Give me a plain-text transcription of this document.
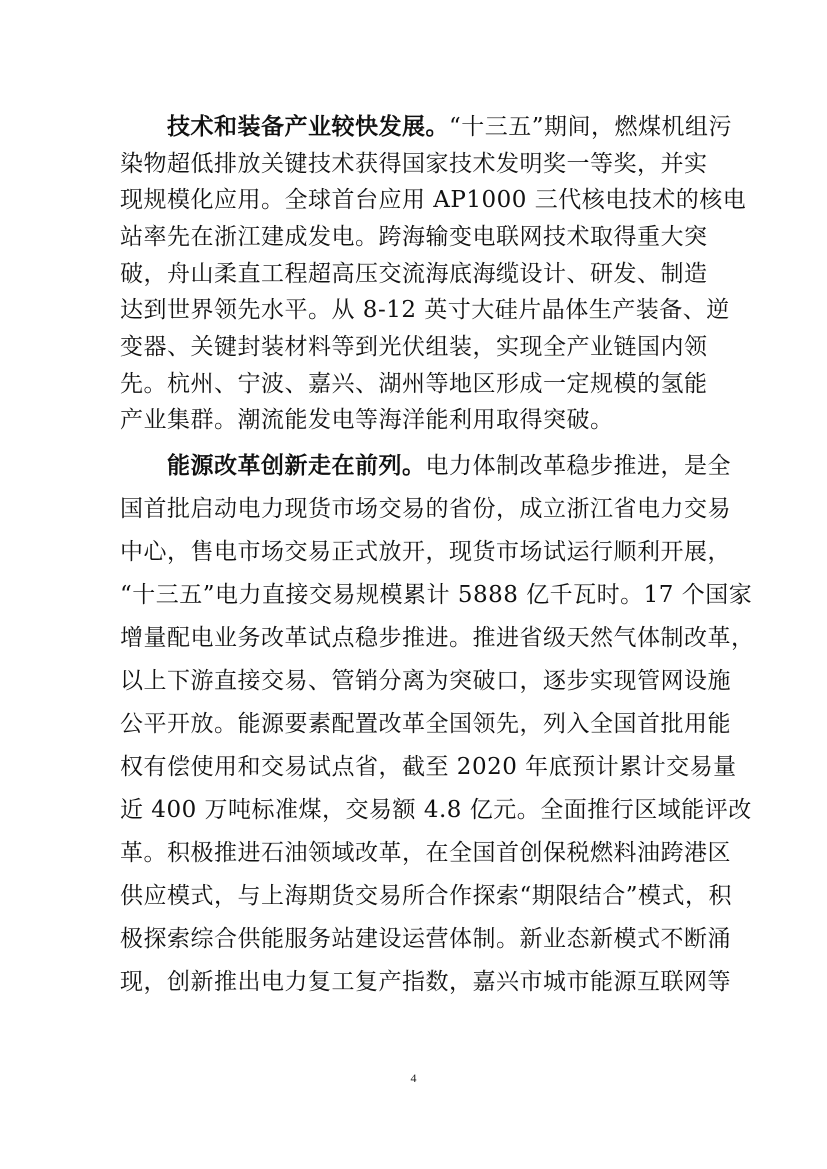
技术和装备产业较快发展。“十三五”期间，燃煤机组污
染物超低排放关键技术获得国家技术发明奖一等奖，并实
现规模化应用。全球首台应用 AP1000 三代核电技术的核电
站率先在浙江建成发电。跨海输变电联网技术取得重大突
破，舟山柔直工程超高压交流海底海缆设计、研发、制造
达到世界领先水平。从 8-12 英寸大硅片晶体生产装备、逆
变器、关键封装材料等到光伏组装，实现全产业链国内领
先。杭州、宁波、嘉兴、湖州等地区形成一定规模的氢能
产业集群。潮流能发电等海洋能利用取得突破。
能源改革创新走在前列。电力体制改革稳步推进，是全
国首批启动电力现货市场交易的省份，成立浙江省电力交易
中心，售电市场交易正式放开，现货市场试运行顺利开展，
“十三五”电力直接交易规模累计 5888 亿千瓦时。17 个国家
增量配电业务改革试点稳步推进。推进省级天然气体制改革，
以上下游直接交易、管销分离为突破口，逐步实现管网设施
公平开放。能源要素配置改革全国领先，列入全国首批用能
权有偿使用和交易试点省，截至 2020 年底预计累计交易量
近 400 万吨标准煤，交易额 4.8 亿元。全面推行区域能评改
革。积极推进石油领域改革，在全国首创保税燃料油跨港区
供应模式，与上海期货交易所合作探索“期限结合”模式，积
极探索综合供能服务站建设运营体制。新业态新模式不断涌
现，创新推出电力复工复产指数，嘉兴市城市能源互联网等
4
